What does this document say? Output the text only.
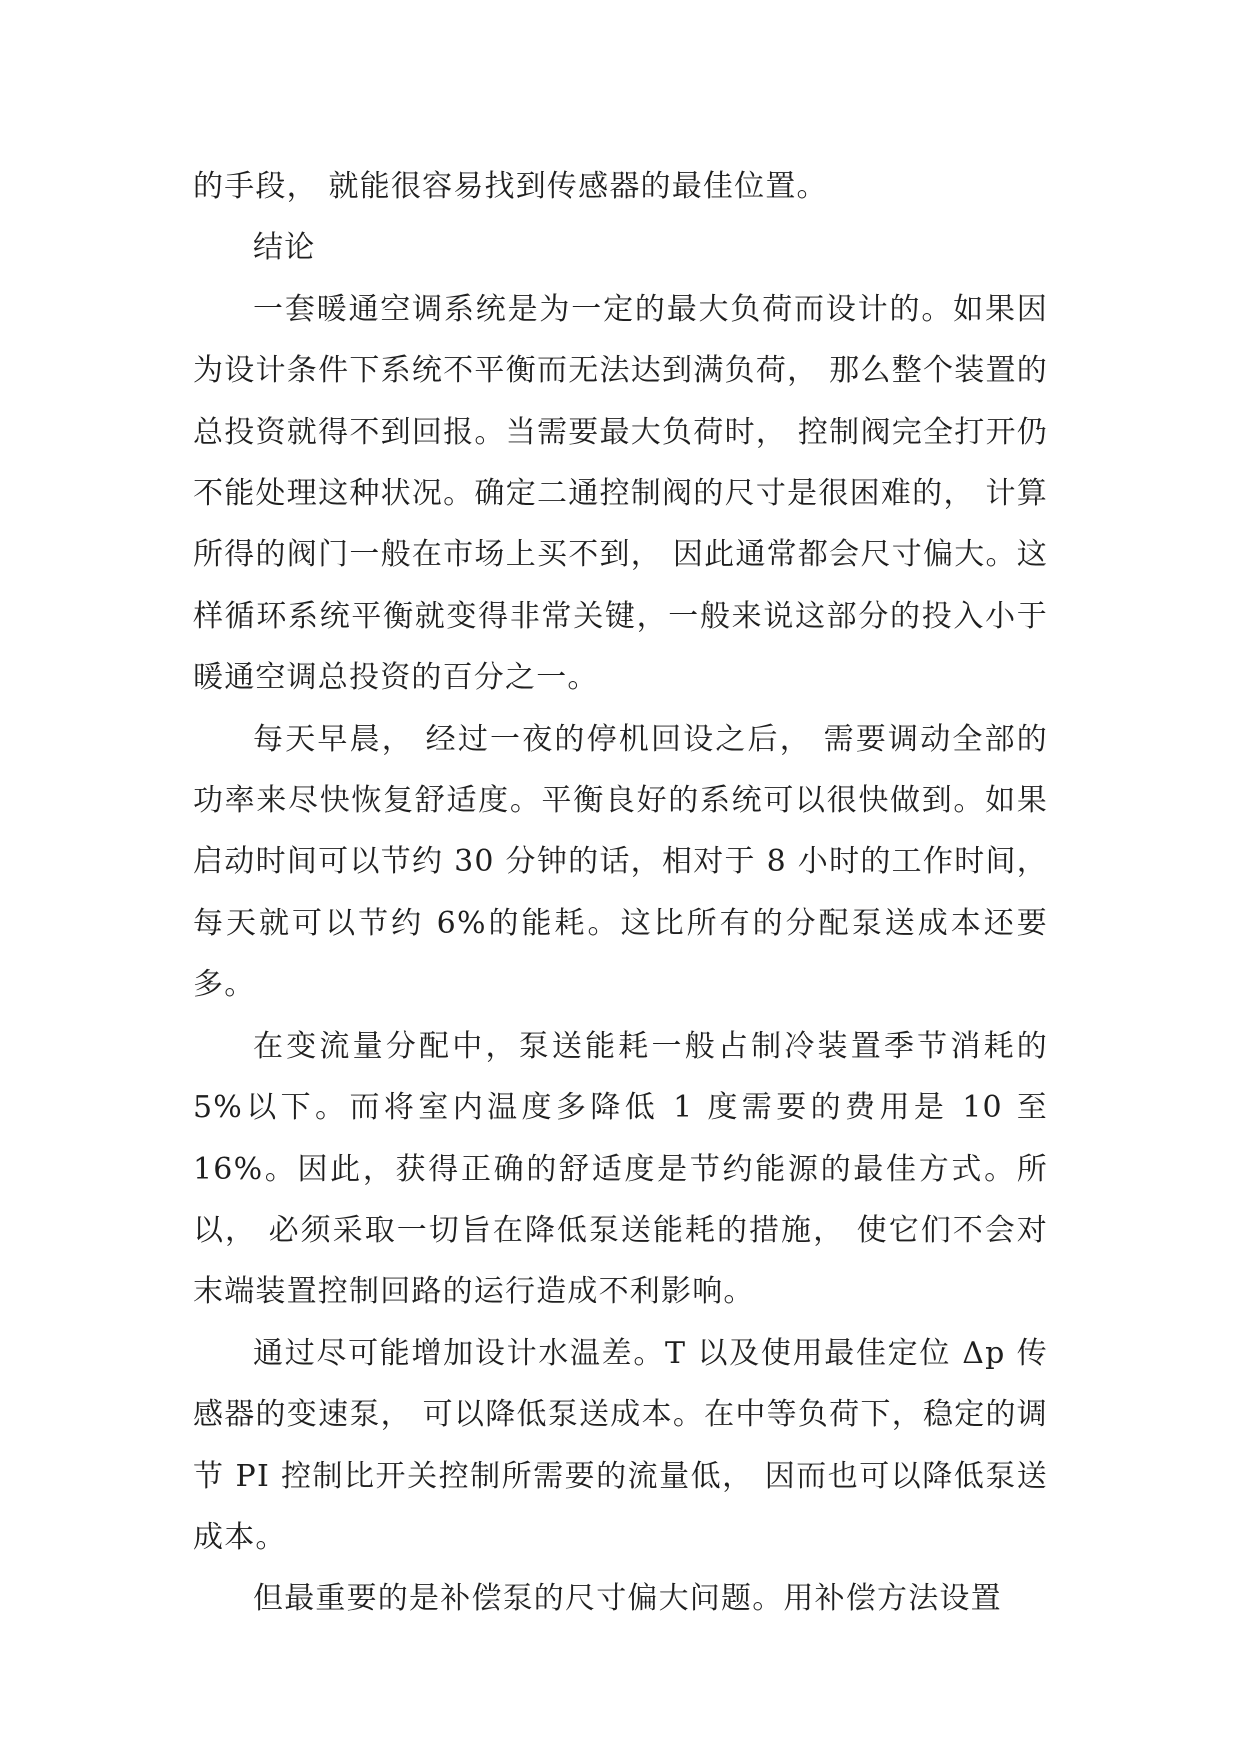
的手段， 就能很容易找到传感器的最佳位置。

结论

一套暖通空调系统是为一定的最大负荷而设计的。如果因为设计条件下系统不平衡而无法达到满负荷， 那么整个装置的总投资就得不到回报。当需要最大负荷时， 控制阀完全打开仍不能处理这种状况。确定二通控制阀的尺寸是很困难的， 计算所得的阀门一般在市场上买不到， 因此通常都会尺寸偏大。这样循环系统平衡就变得非常关键，一般来说这部分的投入小于暖通空调总投资的百分之一。

每天早晨， 经过一夜的停机回设之后， 需要调动全部的功率来尽快恢复舒适度。平衡良好的系统可以很快做到。如果启动时间可以节约 30 分钟的话，相对于 8 小时的工作时间， 每天就可以节约 6%的能耗。这比所有的分配泵送成本还要多。

在变流量分配中，泵送能耗一般占制冷装置季节消耗的 5%以下。而将室内温度多降低 1 度需要的费用是 10 至 16%。因此，获得正确的舒适度是节约能源的最佳方式。所以， 必须采取一切旨在降低泵送能耗的措施， 使它们不会对末端装置控制回路的运行造成不利影响。

通过尽可能增加设计水温差。T 以及使用最佳定位 Δp 传感器的变速泵， 可以降低泵送成本。在中等负荷下，稳定的调节 PI 控制比开关控制所需要的流量低， 因而也可以降低泵送成本。

但最重要的是补偿泵的尺寸偏大问题。用补偿方法设置
